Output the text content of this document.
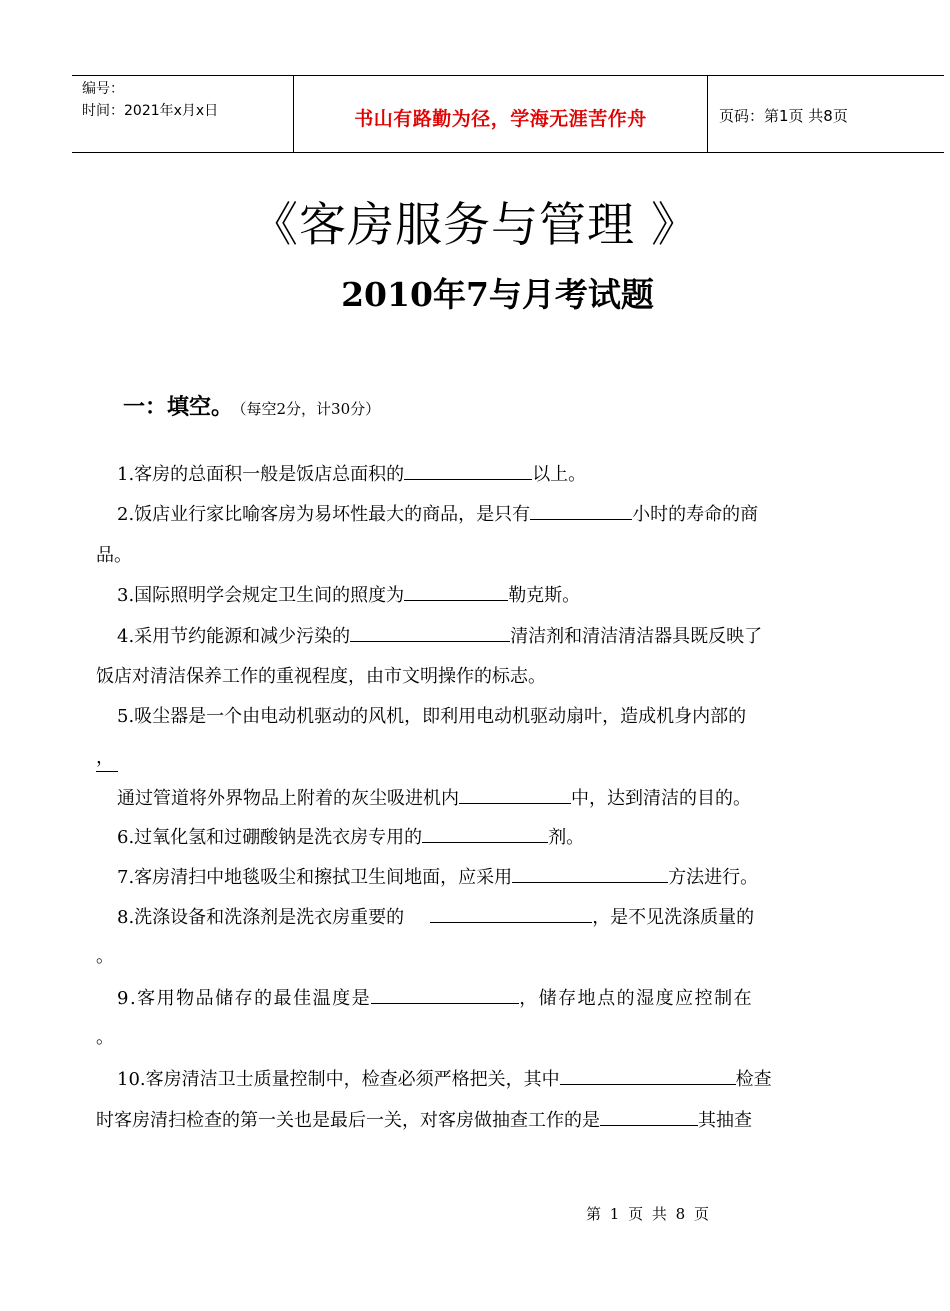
编号：
时间：2021年x月x日	书山有路勤为径，学海无涯苦作舟	页码：第1页 共8页
《客房服务与管理 》
2010年7与月考试题
一：填空。 （每空2分，计30分）
1.客房的总面积一般是饭店总面积的	以上。
2.饭店业行家比喻客房为易坏性最大的商品，是只有	小时的寿命的商
品。
3.国际照明学会规定卫生间的照度为	勒克斯。
4.采用节约能源和减少污染的	清洁剂和清洁清洁器具既反映了
饭店对清洁保养工作的重视程度，由市文明操作的标志。
5.吸尘器是一个由电动机驱动的风机，即利用电动机驱动扇叶，造成机身内部的
，
通过管道将外界物品上附着的灰尘吸进机内	中，达到清洁的目的。
6.过氧化氢和过硼酸钠是洗衣房专用的	剂。
7.客房清扫中地毯吸尘和擦拭卫生间地面，应采用	方法进行。
8.洗涤设备和洗涤剂是洗衣房重要的	，是不见洗涤质量的
。
9.客用物品储存的最佳温度是	，储存地点的湿度应控制在
。
10.客房清洁卫士质量控制中，检查必须严格把关，其中	检查
时客房清扫检查的第一关也是最后一关，对客房做抽查工作的是	其抽查
第 1 页 共 8 页
